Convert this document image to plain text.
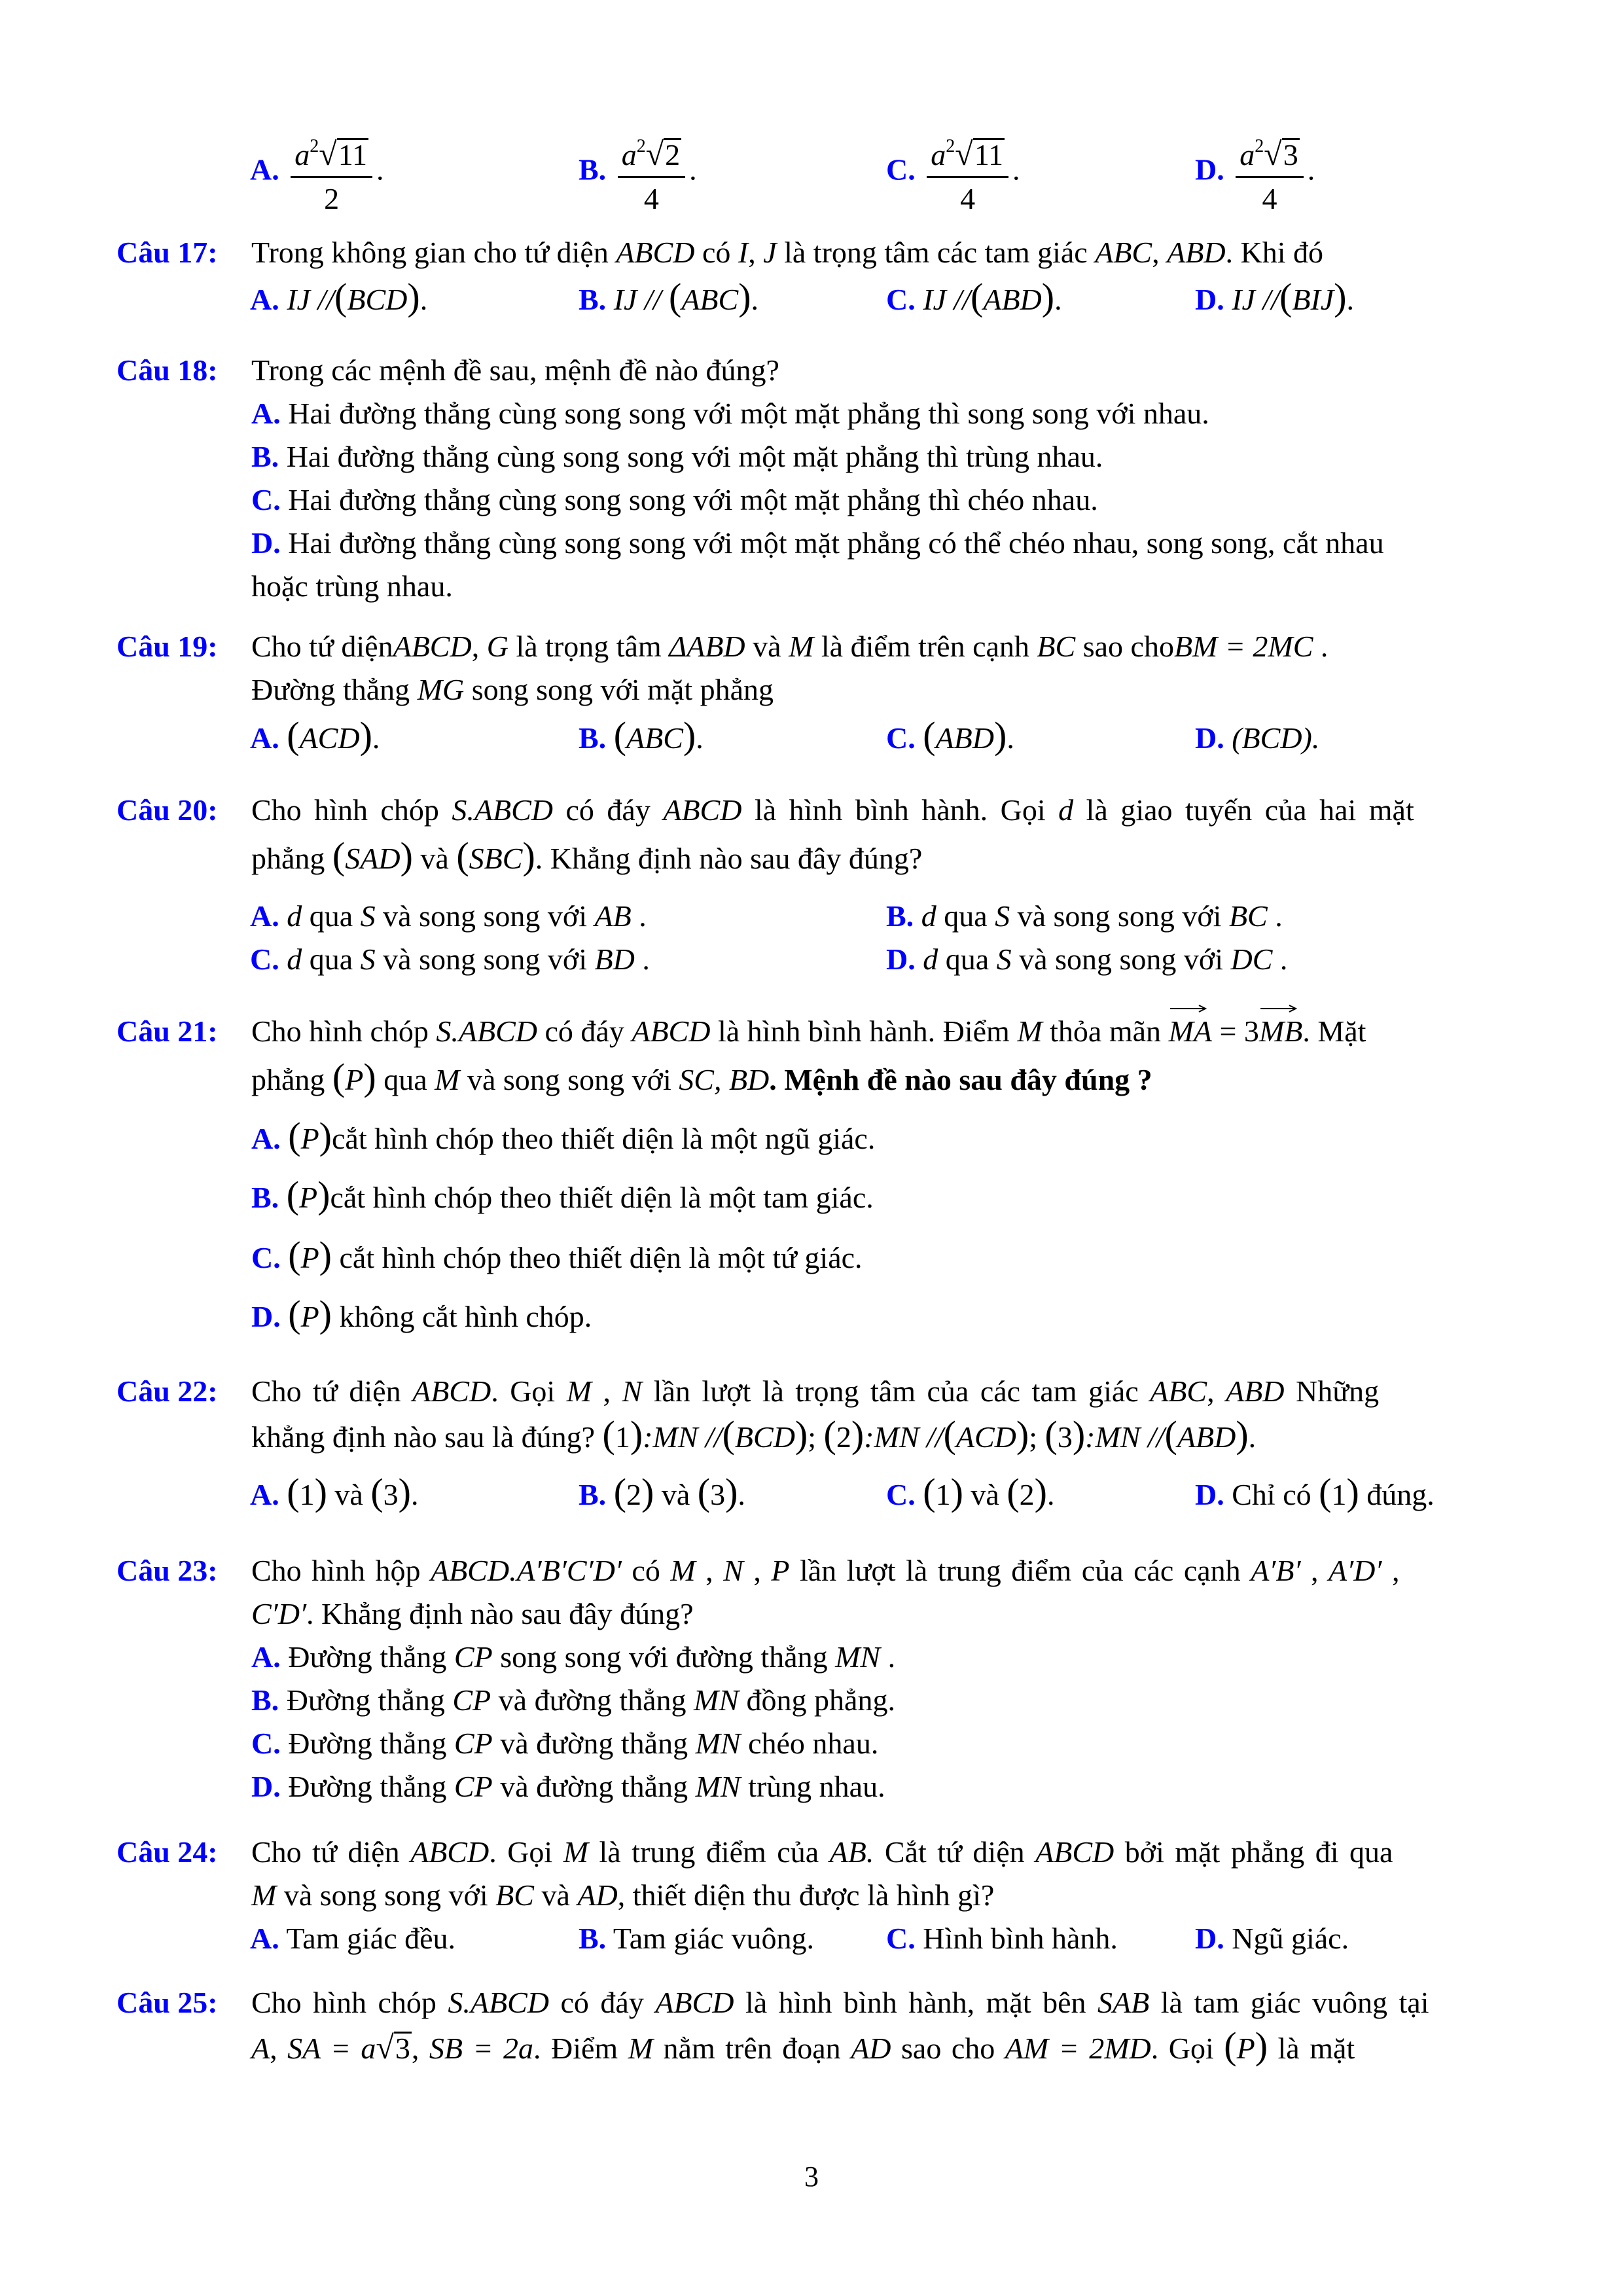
A. $\frac{a^2√11}{2}$ .	B. $\frac{a^2√2}{4}$ .	C. $\frac{a^2√11}{4}$ .	D. $\frac{a^2√3}{4}$ .
Câu 17: Trong không gian cho tứ diện ABCD có I, J là trọng tâm các tam giác ABC, ABD. Khi đó
A. IJ //(BCD).	B. IJ // (ABC).	C. IJ //(ABD).	D. IJ //(BIJ).
Câu 18: Trong các mệnh đề sau, mệnh đề nào đúng?
A. Hai đường thẳng cùng song song với một mặt phẳng thì song song với nhau.
B. Hai đường thẳng cùng song song với một mặt phẳng thì trùng nhau.
C. Hai đường thẳng cùng song song với một mặt phẳng thì chéo nhau.
D. Hai đường thẳng cùng song song với một mặt phẳng có thể chéo nhau, song song, cắt nhau
hoặc trùng nhau.
Câu 19: Cho tứ diệnABCD, G là trọng tâm ΔABD và M là điểm trên cạnh BC sao choBM = 2MC .
Đường thẳng MG song song với mặt phẳng
A. (ACD).	B. (ABC).	C. (ABD).	D. (BCD).
Câu 20: Cho hình chóp S.ABCD có đáy ABCD là hình bình hành. Gọi d là giao tuyến của hai mặt
phẳng (SAD) và (SBC). Khẳng định nào sau đây đúng?
A. d qua S và song song với AB .	B. d qua S và song song với BC .
C. d qua S và song song với BD .	D. d qua S và song song với DC .
Câu 21: Cho hình chóp S.ABCD có đáy ABCD là hình bình hành. Điểm M thỏa mãn MA = 3
MB. Mặt
phẳng (P) qua M và song song với SC, BD. Mệnh đề nào sau đây đúng ?
A. (P)cắt hình chóp theo thiết diện là một ngũ giác.
B. (P)cắt hình chóp theo thiết diện là một tam giác.
C. (P) cắt hình chóp theo thiết diện là một tứ giác.
D. (P) không cắt hình chóp.
Câu 22: Cho tứ diện ABCD. Gọi M , N lần lượt là trọng tâm của các tam giác ABC, ABD Những
khẳng định nào sau là đúng? (1):MN //(BCD); (2):MN //(ACD); (3):MN //(ABD).
A. (1) và (3).	B. (2) và (3).	C. (1) và (2).	D. Chỉ có (1) đúng.
Câu 23: Cho hình hộp ABCD.A′B′C′D′ có M , N , P lần lượt là trung điểm của các cạnh A′B′ , A′D′ ,
C′D′. Khẳng định nào sau đây đúng?
A. Đường thẳng CP song song với đường thẳng MN .
B. Đường thẳng CP và đường thẳng MN đồng phẳng.
C. Đường thẳng CP và đường thẳng MN chéo nhau.
D. Đường thẳng CP và đường thẳng MN trùng nhau.
Câu 24: Cho tứ diện ABCD. Gọi M là trung điểm của AB. Cắt tứ diện ABCD bởi mặt phẳng đi qua
M và song song với BC và AD, thiết diện thu được là hình gì?
A. Tam giác đều.	B. Tam giác vuông. C. Hình bình hành.	D. Ngũ giác.
Câu 25: Cho hình chóp S.ABCD có đáy ABCD là hình bình hành, mặt bên SAB là tam giác vuông tại
A, SA = a√3, SB = 2a. Điểm M nằm trên đoạn AD sao cho AM = 2MD. Gọi (P) là mặt
3
